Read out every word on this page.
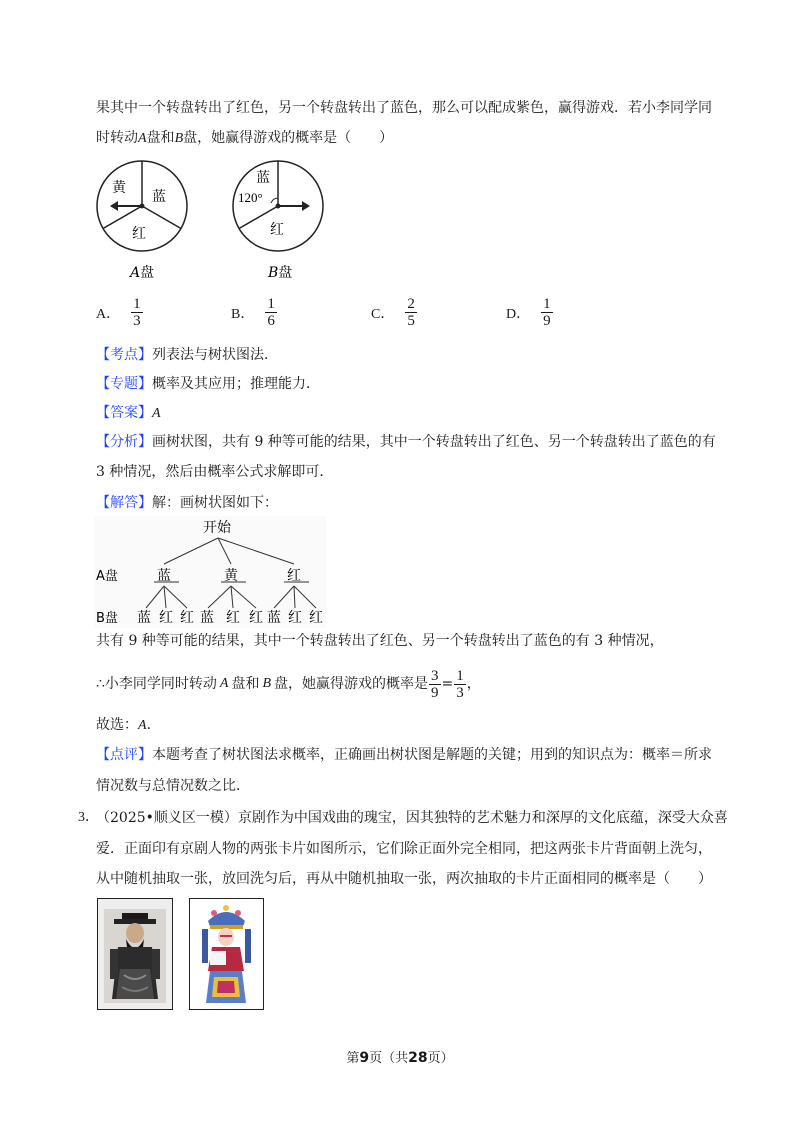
果其中一个转盘转出了红色，另一个转盘转出了蓝色，那么可以配成紫色，赢得游戏．若小李同学同
时转动A盘和B盘，她赢得游戏的概率是（　　）
黄
蓝
红
A盘
蓝
120°
红
B盘
A． $\frac{1}{3}$	B． $\frac{1}{6}$	C． $\frac{2}{5}$	D． $\frac{1}{9}$
【考点】列表法与树状图法．
【专题】概率及其应用；推理能力．
【答案】A
【分析】画树状图，共有 9 种等可能的结果，其中一个转盘转出了红色、另一个转盘转出了蓝色的有
3 种情况，然后由概率公式求解即可．
【解答】解：画树状图如下：
开始
A盘	蓝	黄	红
B盘 蓝 红 红 蓝 红 红 蓝 红 红
共有 9 种等可能的结果，其中一个转盘转出了红色、另一个转盘转出了蓝色的有 3 种情况，
∴ 小李同学同时转动 A 盘和 B 盘，她赢得游戏的概率是 $\frac{3}{9} = \frac{1}{3}$ ，
故选：A．
【点评】本题考查了树状图法求概率，正确画出树状图是解题的关键；用到的知识点为：概率＝所求
情况数与总情况数之比．
3．
（2025•顺义区一模）京剧作为中国戏曲的瑰宝，因其独特的艺术魅力和深厚的文化底蕴，深受大众喜
爱．正面印有京剧人物的两张卡片如图所示，它们除正面外完全相同，把这两张卡片背面朝上洗匀，
从中随机抽取一张，放回洗匀后，再从中随机抽取一张，两次抽取的卡片正面相同的概率是（　　）
第9页（共28页）
